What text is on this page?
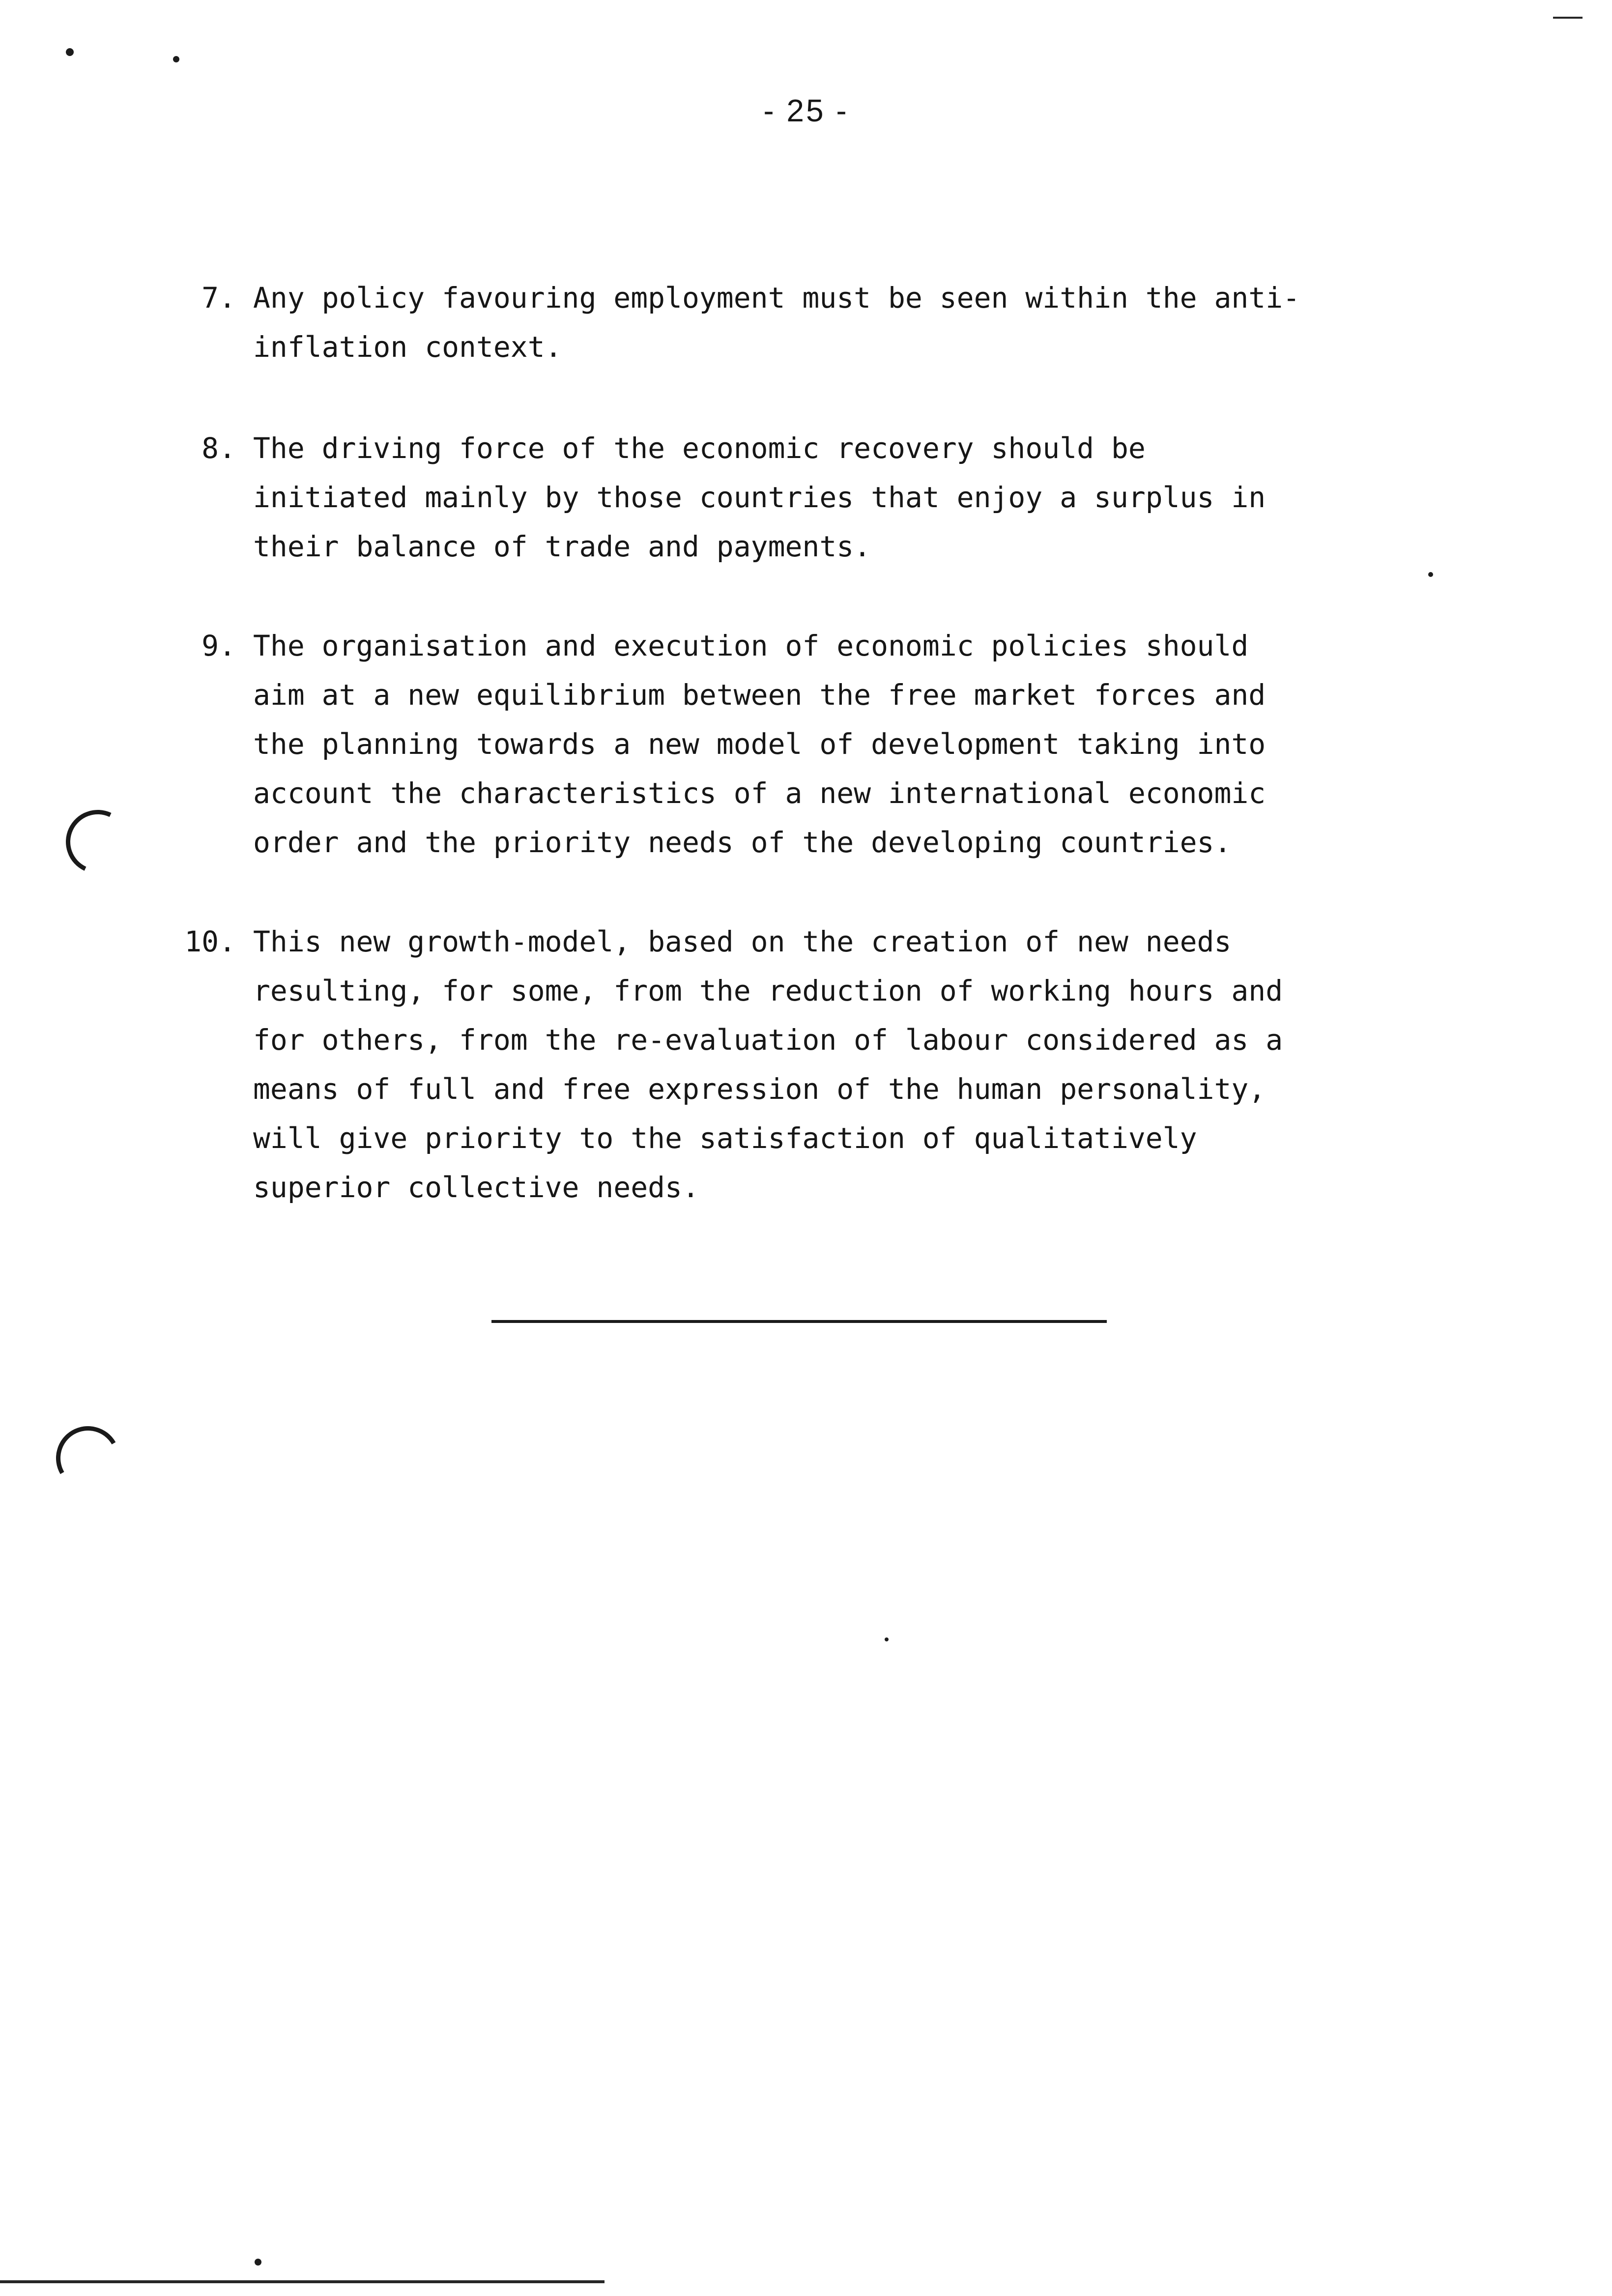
- 25 -
7. Any policy favouring employment must be seen within the anti-
inflation context.
8. The driving force of the economic recovery should be
initiated mainly by those countries that enjoy a surplus in
their balance of trade and payments.
9. The organisation and execution of economic policies should
aim at a new equilibrium between the free market forces and
the planning towards a new model of development taking into
account the characteristics of a new international economic
order and the priority needs of the developing countries.
10. This new growth-model, based on the creation of new needs
resulting, for some, from the reduction of working hours and
for others, from the re-evaluation of labour considered as a
means of full and free expression of the human personality,
will give priority to the satisfaction of qualitatively
superior collective needs.
